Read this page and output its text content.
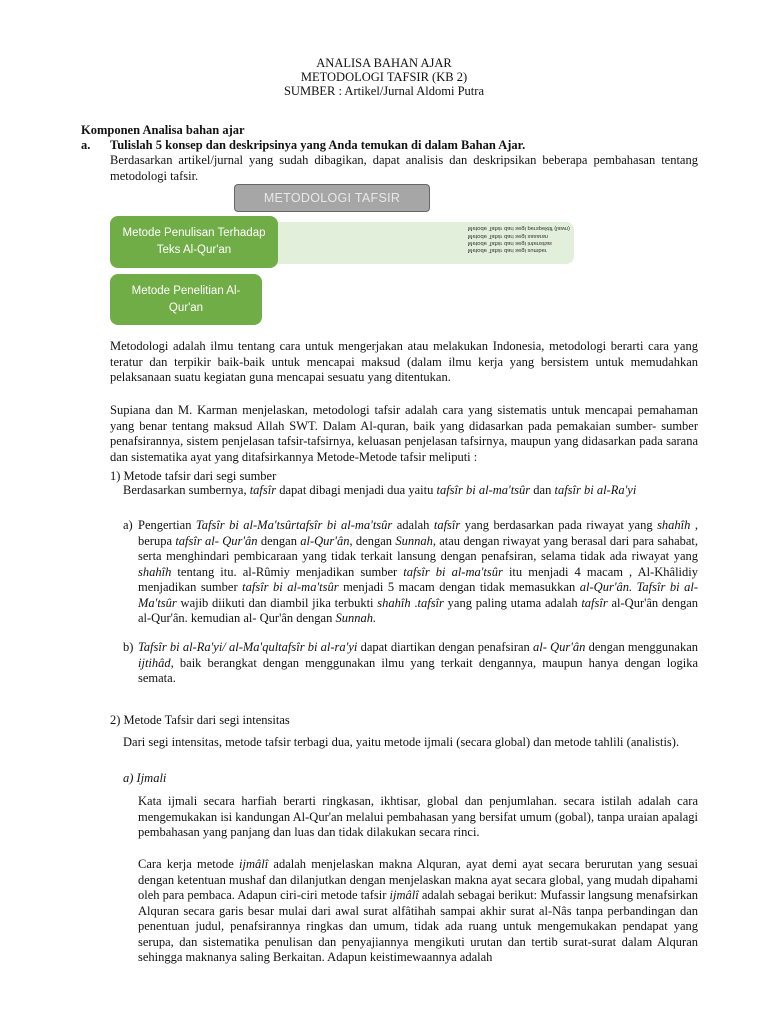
ANALISA BAHAN AJAR
METODOLOGI TAFSIR (KB 2)
SUMBER : Artikel/Jurnal Aldomi Putra
Komponen Analisa bahan ajar
a. Tulislah 5 konsep dan deskripsinya yang Anda temukan di dalam Bahan Ajar.
Berdasarkan artikel/jurnal yang sudah dibagikan, dapat analisis dan deskripsikan beberapa pembahasan tentang metodologi tafsir.
METODOLOGI TAFSIR
Metode Tafsir dari segi sumber
Metode Tafsir dari segi intensitas
Metode Tafsir dari segi sasaran
Metode Tafsir dari segi perspektif (lawn)
Metode Penulisan Terhadap Teks Al-Qur'an
Metode Penelitian Al-Qur'an
Metodologi adalah ilmu tentang cara untuk mengerjakan atau melakukan Indonesia, metodologi berarti cara yang teratur dan terpikir baik-baik untuk mencapai maksud (dalam ilmu kerja yang bersistem untuk memudahkan pelaksanaan suatu kegiatan guna mencapai sesuatu yang ditentukan.
Supiana dan M. Karman menjelaskan, metodologi tafsir adalah cara yang sistematis untuk mencapai pemahaman yang benar tentang maksud Allah SWT. Dalam Al-quran, baik yang didasarkan pada pemakaian sumber- sumber penafsirannya, sistem penjelasan tafsir-tafsirnya, keluasan penjelasan tafsirnya, maupun yang didasarkan pada sarana dan sistematika ayat yang ditafsirkannya Metode-Metode tafsir meliputi :
1) Metode tafsir dari segi sumber
Berdasarkan sumbernya, tafsîr dapat dibagi menjadi dua yaitu tafsîr bi al-ma'tsûr dan tafsîr bi al-Ra'yi
a) Pengertian Tafsîr bi al-Ma'tsûrtafsîr bi al-ma'tsûr adalah tafsîr yang berdasarkan pada riwayat yang shahîh , berupa tafsîr al- Qur'ân dengan al-Qur'ân, dengan Sunnah, atau dengan riwayat yang berasal dari para sahabat, serta menghindari pembicaraan yang tidak terkait lansung dengan penafsiran, selama tidak ada riwayat yang shahîh tentang itu. al-Rûmiy menjadikan sumber tafsîr bi al-ma'tsûr itu menjadi 4 macam , Al-Khâlidiy menjadikan sumber tafsîr bi al-ma'tsûr menjadi 5 macam dengan tidak memasukkan al-Qur'ân. Tafsîr bi al-Ma'tsûr wajib diikuti dan diambil jika terbukti shahîh .tafsîr yang paling utama adalah tafsîr al-Qur'ân dengan al-Qur'ân. kemudian al- Qur'ân dengan Sunnah.
b) Tafsîr bi al-Ra'yi/ al-Ma'qultafsîr bi al-ra'yi dapat diartikan dengan penafsiran al- Qur'ân dengan menggunakan ijtihâd, baik berangkat dengan menggunakan ilmu yang terkait dengannya, maupun hanya dengan logika semata.
2) Metode Tafsir dari segi intensitas
Dari segi intensitas, metode tafsir terbagi dua, yaitu metode ijmali (secara global) dan metode tahlili (analistis).
a) Ijmali
Kata ijmali secara harfiah berarti ringkasan, ikhtisar, global dan penjumlahan. secara istilah adalah cara mengemukakan isi kandungan Al-Qur'an melalui pembahasan yang bersifat umum (gobal), tanpa uraian apalagi pembahasan yang panjang dan luas dan tidak dilakukan secara rinci.
Cara kerja metode ijmâlî adalah menjelaskan makna Alquran, ayat demi ayat secara berurutan yang sesuai dengan ketentuan mushaf dan dilanjutkan dengan menjelaskan makna ayat secara global, yang mudah dipahami oleh para pembaca. Adapun ciri-ciri metode tafsir ijmâlî adalah sebagai berikut: Mufassir langsung menafsirkan Alquran secara garis besar mulai dari awal surat alfâtihah sampai akhir surat al-Nâs tanpa perbandingan dan penentuan judul, penafsirannya ringkas dan umum, tidak ada ruang untuk mengemukakan pendapat yang serupa, dan sistematika penulisan dan penyajiannya mengikuti urutan dan tertib surat-surat dalam Alquran sehingga maknanya saling Berkaitan. Adapun keistimewaannya adalah
